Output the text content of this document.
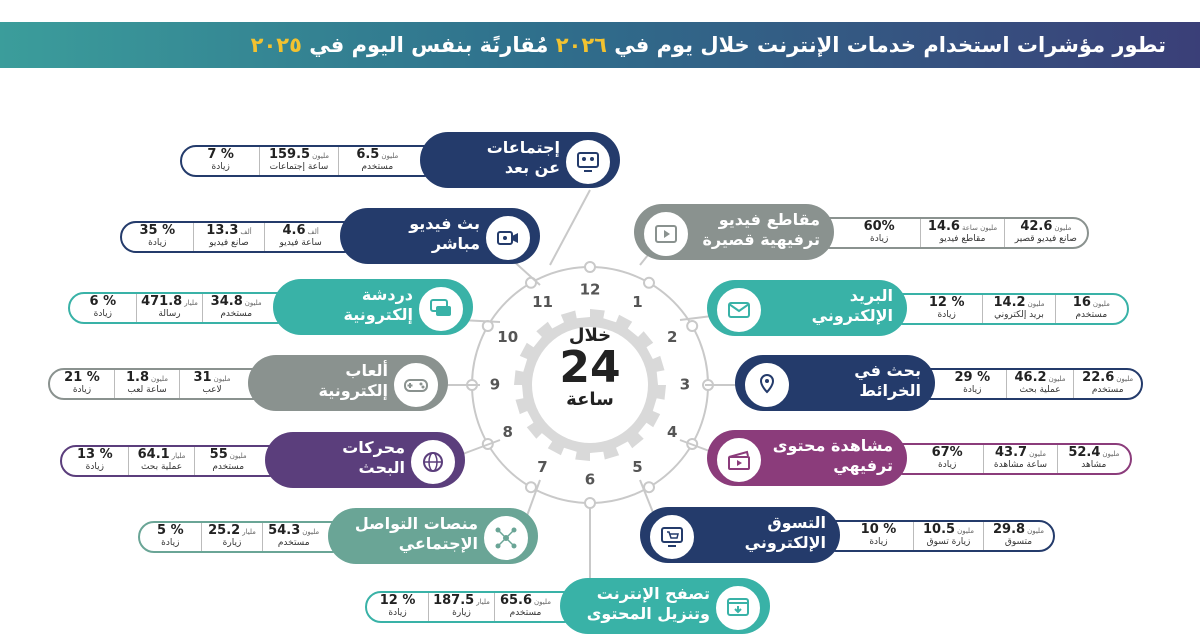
تطور مؤشرات استخدام خدمات الإنترنت خلال يوم في ٢٠٢٦ مُقارنًة بنفس اليوم في ٢٠٢٥
1
2
3
4
5
6
7
8
9
10
11
12
خلال
24
ساعة
7 %
زيادة
159.5 مليون
ساعة إجتماعات
6.5 مليون
مستخدم
إجتماعات
عن بعد
35 %
زيادة
13.3 ألف
صانع فيديو
4.6 ألف
ساعة فيديو
بث فيديو
مباشر
6 %
زيادة
471.8 مليار
رسالة
34.8 مليون
مستخدم
دردشة
إلكترونية
21 %
زيادة
1.8 مليون
ساعة لعب
31 مليون
لاعب
ألعاب
إلكترونية
13 %
زيادة
64.1 مليار
عملية بحث
55 مليون
مستخدم
محركات
البحث
5 %
زيادة
25.2 مليار
زيارة
54.3 مليون
مستخدم
منصات التواصل
الإجتماعي
12 %
زيادة
187.5 مليار
زيارة
65.6 مليون
مستخدم
تصفح الإنترنت
وتنزيل المحتوى
60%
زيادة
14.6 مليون ساعة
مقاطع فيديو
42.6 مليون
صانع فيديو قصير
مقاطع فيديو
ترفيهية قصيرة
12 %
زيادة
14.2 مليون
بريد إلكتروني
16 مليون
مستخدم
البريد
الإلكتروني
29 %
زيادة
46.2 مليون
عملية بحث
22.6 مليون
مستخدم
بحث في
الخرائط
67%
زيادة
43.7 مليون
ساعة مشاهدة
52.4 مليون
مشاهد
مشاهدة محتوى
ترفيهي
10 %
زيادة
10.5 مليون
زيارة تسوق
29.8 مليون
متسوق
التسوق
الإلكتروني
